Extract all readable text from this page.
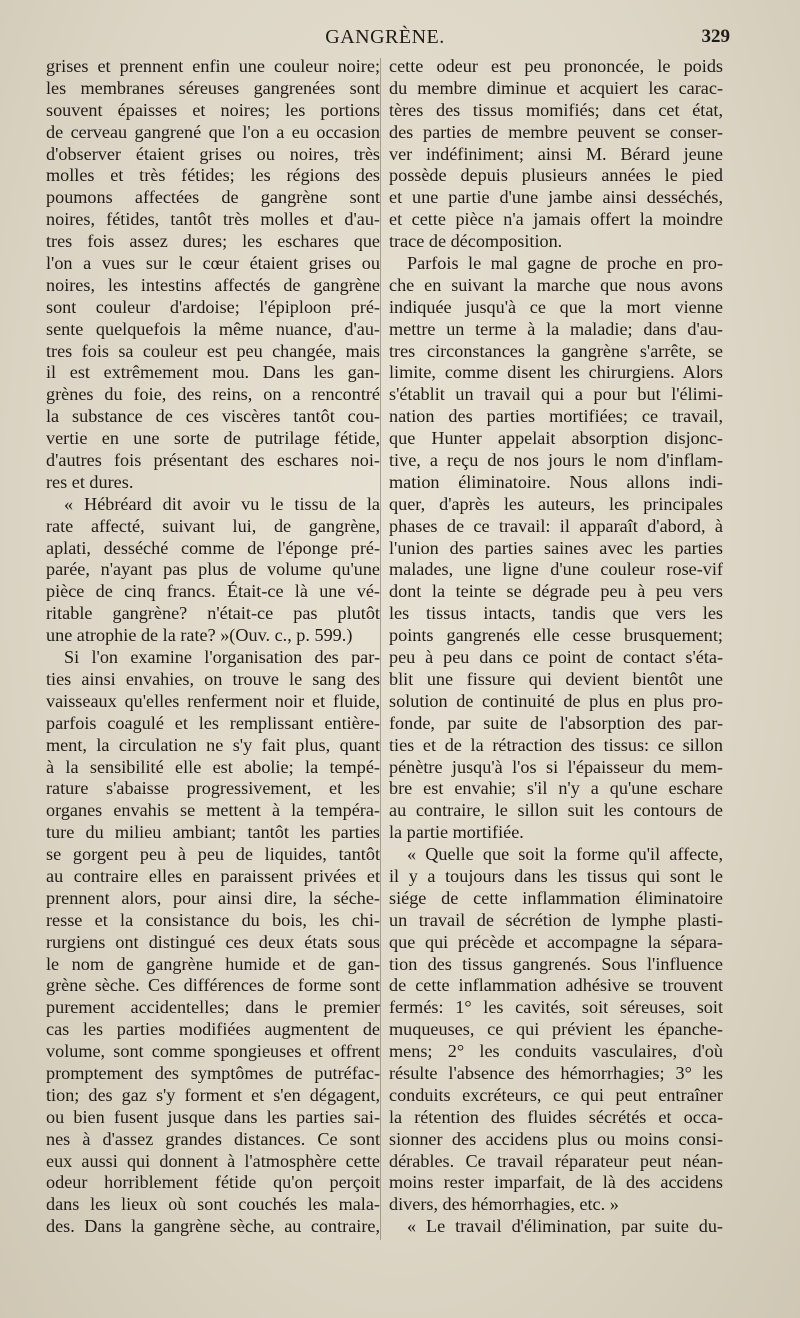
GANGRÈNE.	329
grises et prennent enfin une couleur noire;
les membranes séreuses gangrenées sont
souvent épaisses et noires; les portions
de cerveau gangrené que l'on a eu occasion
d'observer étaient grises ou noires, très
molles et très fétides; les régions des
poumons affectées de gangrène sont
noires, fétides, tantôt très molles et d'au-
tres fois assez dures; les eschares que
l'on a vues sur le cœur étaient grises ou
noires, les intestins affectés de gangrène
sont couleur d'ardoise; l'épiploon pré-
sente quelquefois la même nuance, d'au-
tres fois sa couleur est peu changée, mais
il est extrêmement mou. Dans les gan-
grènes du foie, des reins, on a rencontré
la substance de ces viscères tantôt cou-
vertie en une sorte de putrilage fétide,
d'autres fois présentant des eschares noi-
res et dures.
« Hébréard dit avoir vu le tissu de la
rate affecté, suivant lui, de gangrène,
aplati, desséché comme de l'éponge pré-
parée, n'ayant pas plus de volume qu'une
pièce de cinq francs. Était-ce là une vé-
ritable gangrène? n'était-ce pas plutôt
une atrophie de la rate? »(Ouv. c., p. 599.)
Si l'on examine l'organisation des par-
ties ainsi envahies, on trouve le sang des
vaisseaux qu'elles renferment noir et fluide,
parfois coagulé et les remplissant entière-
ment, la circulation ne s'y fait plus, quant
à la sensibilité elle est abolie; la tempé-
rature s'abaisse progressivement, et les
organes envahis se mettent à la tempéra-
ture du milieu ambiant; tantôt les parties
se gorgent peu à peu de liquides, tantôt
au contraire elles en paraissent privées et
prennent alors, pour ainsi dire, la séche-
resse et la consistance du bois, les chi-
rurgiens ont distingué ces deux états sous
le nom de gangrène humide et de gan-
grène sèche. Ces différences de forme sont
purement accidentelles; dans le premier
cas les parties modifiées augmentent de
volume, sont comme spongieuses et offrent
promptement des symptômes de putréfac-
tion; des gaz s'y forment et s'en dégagent,
ou bien fusent jusque dans les parties sai-
nes à d'assez grandes distances. Ce sont
eux aussi qui donnent à l'atmosphère cette
odeur horriblement fétide qu'on perçoit
dans les lieux où sont couchés les mala-
des. Dans la gangrène sèche, au contraire,
cette odeur est peu prononcée, le poids
du membre diminue et acquiert les carac-
tères des tissus momifiés; dans cet état,
des parties de membre peuvent se conser-
ver indéfiniment; ainsi M. Bérard jeune
possède depuis plusieurs années le pied
et une partie d'une jambe ainsi desséchés,
et cette pièce n'a jamais offert la moindre
trace de décomposition.
Parfois le mal gagne de proche en pro-
che en suivant la marche que nous avons
indiquée jusqu'à ce que la mort vienne
mettre un terme à la maladie; dans d'au-
tres circonstances la gangrène s'arrête, se
limite, comme disent les chirurgiens. Alors
s'établit un travail qui a pour but l'élimi-
nation des parties mortifiées; ce travail,
que Hunter appelait absorption disjonc-
tive, a reçu de nos jours le nom d'inflam-
mation éliminatoire. Nous allons indi-
quer, d'après les auteurs, les principales
phases de ce travail: il apparaît d'abord, à
l'union des parties saines avec les parties
malades, une ligne d'une couleur rose-vif
dont la teinte se dégrade peu à peu vers
les tissus intacts, tandis que vers les
points gangrenés elle cesse brusquement;
peu à peu dans ce point de contact s'éta-
blit une fissure qui devient bientôt une
solution de continuité de plus en plus pro-
fonde, par suite de l'absorption des par-
ties et de la rétraction des tissus: ce sillon
pénètre jusqu'à l'os si l'épaisseur du mem-
bre est envahie; s'il n'y a qu'une eschare
au contraire, le sillon suit les contours de
la partie mortifiée.
« Quelle que soit la forme qu'il affecte,
il y a toujours dans les tissus qui sont le
siége de cette inflammation éliminatoire
un travail de sécrétion de lymphe plasti-
que qui précède et accompagne la sépara-
tion des tissus gangrenés. Sous l'influence
de cette inflammation adhésive se trouvent
fermés: 1° les cavités, soit séreuses, soit
muqueuses, ce qui prévient les épanche-
mens; 2° les conduits vasculaires, d'où
résulte l'absence des hémorrhagies; 3° les
conduits excréteurs, ce qui peut entraîner
la rétention des fluides sécrétés et occa-
sionner des accidens plus ou moins consi-
dérables. Ce travail réparateur peut néan-
moins rester imparfait, de là des accidens
divers, des hémorrhagies, etc. »
« Le travail d'élimination, par suite du-
